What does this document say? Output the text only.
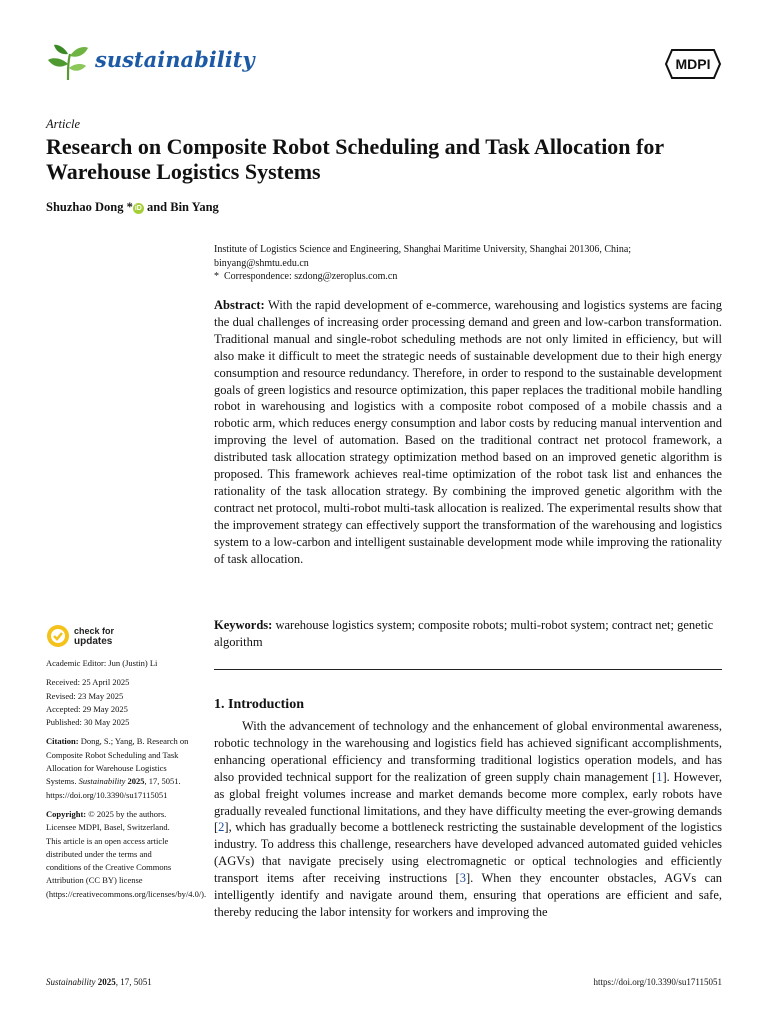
sustainability	MDPI
Article
Research on Composite Robot Scheduling and Task Allocation for Warehouse Logistics Systems
Shuzhao Dong * iD and Bin Yang
Institute of Logistics Science and Engineering, Shanghai Maritime University, Shanghai 201306, China;
binyang@shmtu.edu.cn
* Correspondence: szdong@zeroplus.com.cn
Abstract: With the rapid development of e-commerce, warehousing and logistics systems are facing the dual challenges of increasing order processing demand and green and low-carbon transformation. Traditional manual and single-robot scheduling methods are not only limited in efficiency, but will also make it difficult to meet the strategic needs of sustainable development due to their high energy consumption and resource redundancy. Therefore, in order to respond to the sustainable development goals of green logistics and resource optimization, this paper replaces the traditional mobile handling robot in warehousing and logistics with a composite robot composed of a mobile chassis and a robotic arm, which reduces energy consumption and labor costs by reducing manual intervention and improving the level of automation. Based on the traditional contract net protocol framework, a distributed task allocation strategy optimization method based on an improved genetic algorithm is proposed. This framework achieves real-time optimization of the robot task list and enhances the rationality of the task allocation strategy. By combining the improved genetic algorithm with the contract net protocol, multi-robot multi-task allocation is realized. The experimental results show that the improvement strategy can effectively support the transformation of the warehousing and logistics system to a low-carbon and intelligent sustainable development mode while improving the rationality of task allocation.
Keywords: warehouse logistics system; composite robots; multi-robot system; contract net; genetic algorithm
check for
updates
Academic Editor: Jun (Justin) Li
Received: 25 April 2025
Revised: 23 May 2025
Accepted: 29 May 2025
Published: 30 May 2025
Citation: Dong, S.; Yang, B. Research on Composite Robot Scheduling and Task Allocation for Warehouse Logistics Systems. Sustainability 2025, 17, 5051. https://doi.org/10.3390/su17115051
Copyright: © 2025 by the authors. Licensee MDPI, Basel, Switzerland. This article is an open access article distributed under the terms and conditions of the Creative Commons Attribution (CC BY) license (https://creativecommons.org/licenses/by/4.0/).
1. Introduction
With the advancement of technology and the enhancement of global environmental awareness, robotic technology in the warehousing and logistics field has achieved significant accomplishments, enhancing operational efficiency and transforming traditional logistics operation models, and has also provided technical support for the realization of green supply chain management [1]. However, as global freight volumes increase and market demands become more complex, early robots have gradually revealed functional limitations, and they have difficulty meeting the ever-growing demands [2], which has gradually become a bottleneck restricting the sustainable development of the logistics industry. To address this challenge, researchers have developed advanced automated guided vehicles (AGVs) that navigate precisely using electromagnetic or optical technologies and efficiently transport items after receiving instructions [3]. When they encounter obstacles, AGVs can intelligently identify and navigate around them, ensuring that operations are efficient and safe, thereby reducing the labor intensity for workers and improving the
Sustainability 2025, 17, 5051	https://doi.org/10.3390/su17115051
